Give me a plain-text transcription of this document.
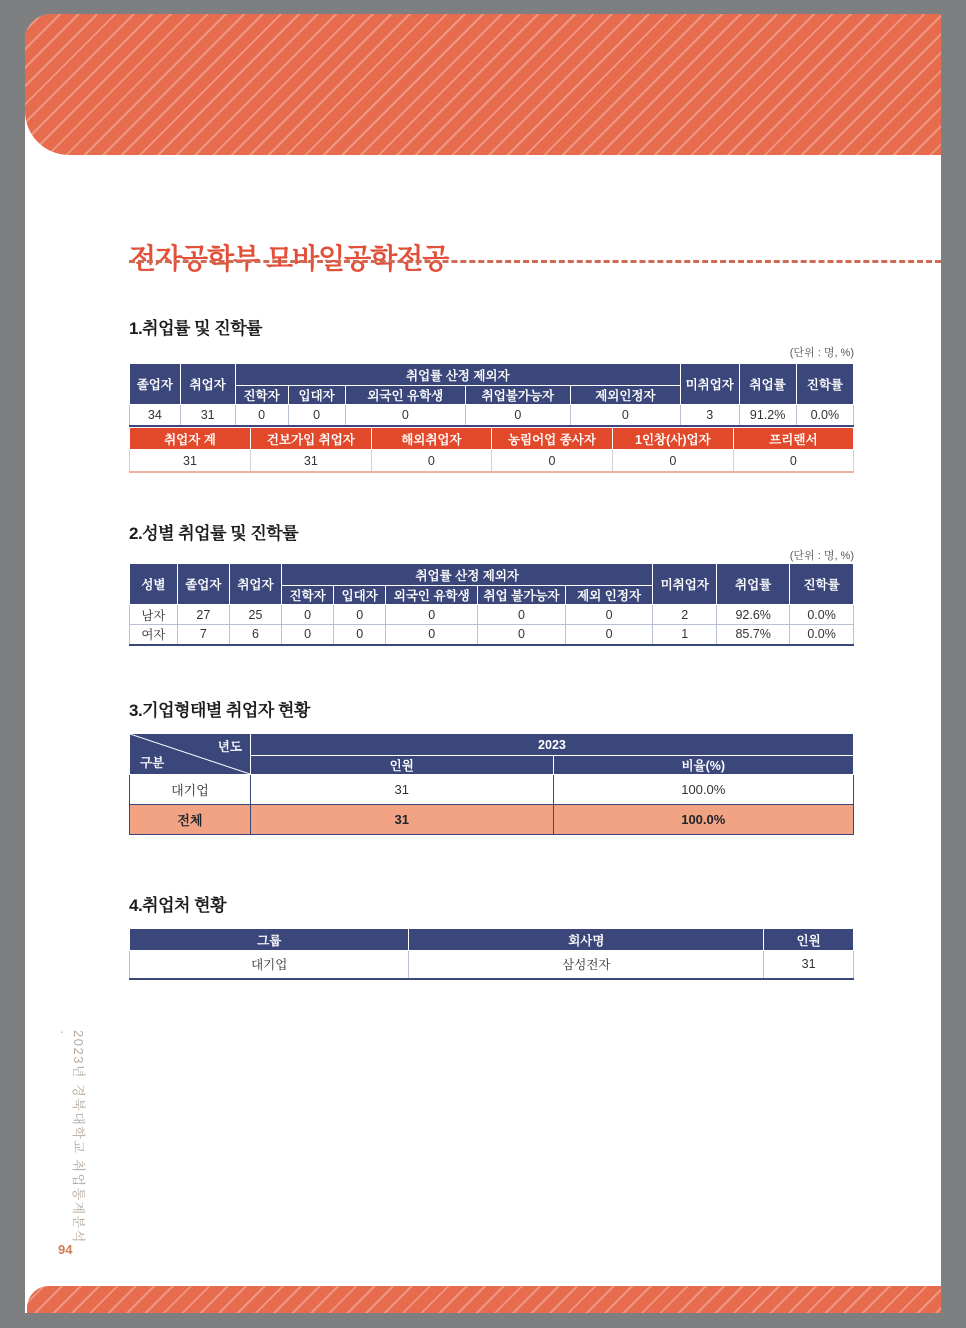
전자공학부 모바일공학전공
1.취업률 및 진학률
(단위 : 명, %)
졸업자	취업자	취업률 산정 제외자					미취업자	취업률	진학률
		진학자	입대자	외국인 유학생	취업불가능자	제외인정자			
34	31	0	0	0	0	0	3	91.2%	0.0%
취업자 계	건보가입 취업자	해외취업자	농림어업 종사자	1인창(사)업자	프리랜서
31	31	0	0	0	0
2.성별 취업률 및 진학률
(단위 : 명, %)
성별	졸업자	취업자	취업률 산정 제외자					미취업자	취업률	진학률
			진학자	입대자	외국인 유학생	취업 불가능자	제외 인정자			
남자	27	25	0	0	0	0	0	2	92.6%	0.0%
여자	7	6	0	0	0	0	0	1	85.7%	0.0%
3.기업형태별 취업자 현황
년도
구분	2023	
	인원	비율(%)
대기업	31	100.0%
전체	31	100.0%
4.취업처 현황
그룹	회사명	인원
대기업	삼성전자	31
2023년 경북대학교 취업통계분석 ·
94
